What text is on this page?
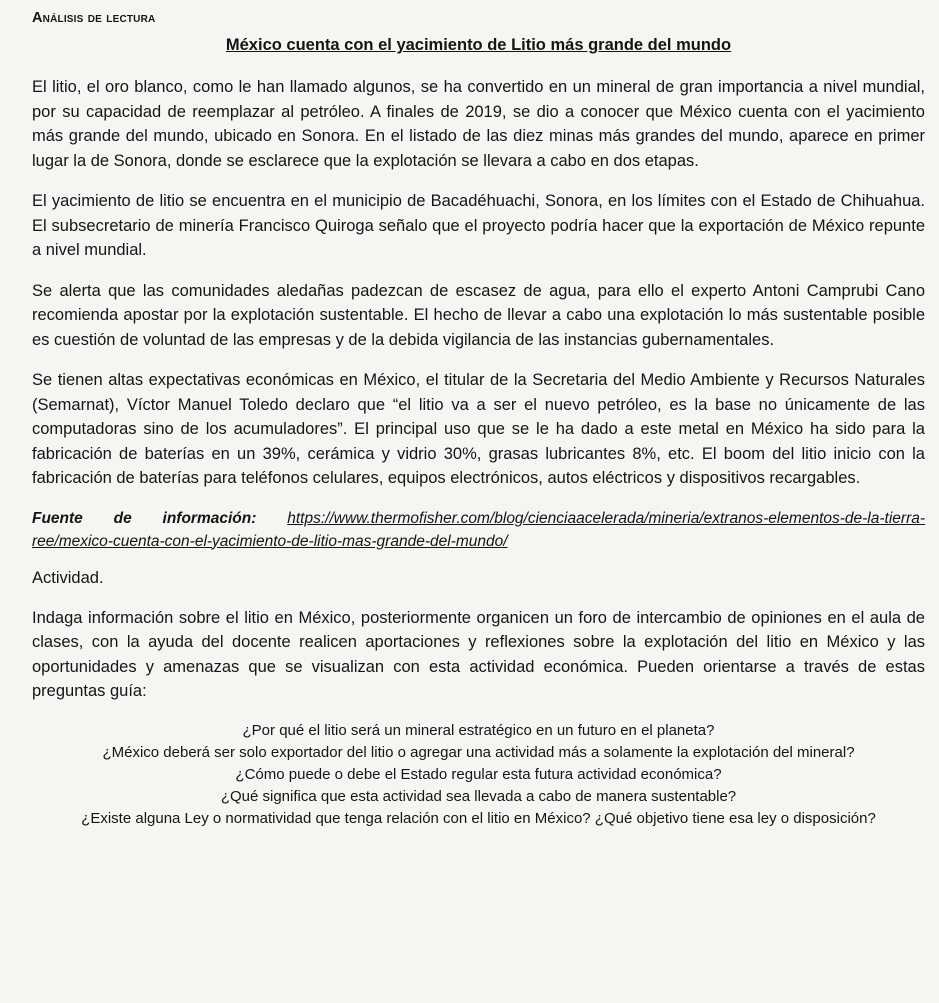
Análisis de lectura
México cuenta con el yacimiento de Litio más grande del mundo

El litio, el oro blanco, como le han llamado algunos, se ha convertido en un mineral de gran importancia a nivel mundial, por su capacidad de reemplazar al petróleo. A finales de 2019, se dio a conocer que México cuenta con el yacimiento más grande del mundo, ubicado en Sonora. En el listado de las diez minas más grandes del mundo, aparece en primer lugar la de Sonora, donde se esclarece que la explotación se llevara a cabo en dos etapas.

El yacimiento de litio se encuentra en el municipio de Bacadéhuachi, Sonora, en los límites con el Estado de Chihuahua. El subsecretario de minería Francisco Quiroga señalo que el proyecto podría hacer que la exportación de México repunte a nivel mundial.

Se alerta que las comunidades aledañas padezcan de escasez de agua, para ello el experto Antoni Camprubi Cano recomienda apostar por la explotación sustentable. El hecho de llevar a cabo una explotación lo más sustentable posible es cuestión de voluntad de las empresas y de la debida vigilancia de las instancias gubernamentales.

Se tienen altas expectativas económicas en México, el titular de la Secretaria del Medio Ambiente y Recursos Naturales (Semarnat), Víctor Manuel Toledo declaro que “el litio va a ser el nuevo petróleo, es la base no únicamente de las computadoras sino de los acumuladores”. El principal uso que se le ha dado a este metal en México ha sido para la fabricación de baterías en un 39%, cerámica y vidrio 30%, grasas lubricantes 8%, etc. El boom del litio inicio con la fabricación de baterías para teléfonos celulares, equipos electrónicos, autos eléctricos y dispositivos recargables.

Fuente de información: https://www.thermofisher.com/blog/cienciaacelerada/mineria/extranos-elementos-de-la-tierra-ree/mexico-cuenta-con-el-yacimiento-de-litio-mas-grande-del-mundo/

Actividad.

Indaga información sobre el litio en México, posteriormente organicen un foro de intercambio de opiniones en el aula de clases, con la ayuda del docente realicen aportaciones y reflexiones sobre la explotación del litio en México y las oportunidades y amenazas que se visualizan con esta actividad económica. Pueden orientarse a través de estas preguntas guía:

¿Por qué el litio será un mineral estratégico en un futuro en el planeta?
¿México deberá ser solo exportador del litio o agregar una actividad más a solamente la explotación del mineral?
¿Cómo puede o debe el Estado regular esta futura actividad económica?
¿Qué significa que esta actividad sea llevada a cabo de manera sustentable?
¿Existe alguna Ley o normatividad que tenga relación con el litio en México? ¿Qué objetivo tiene esa ley o disposición?
